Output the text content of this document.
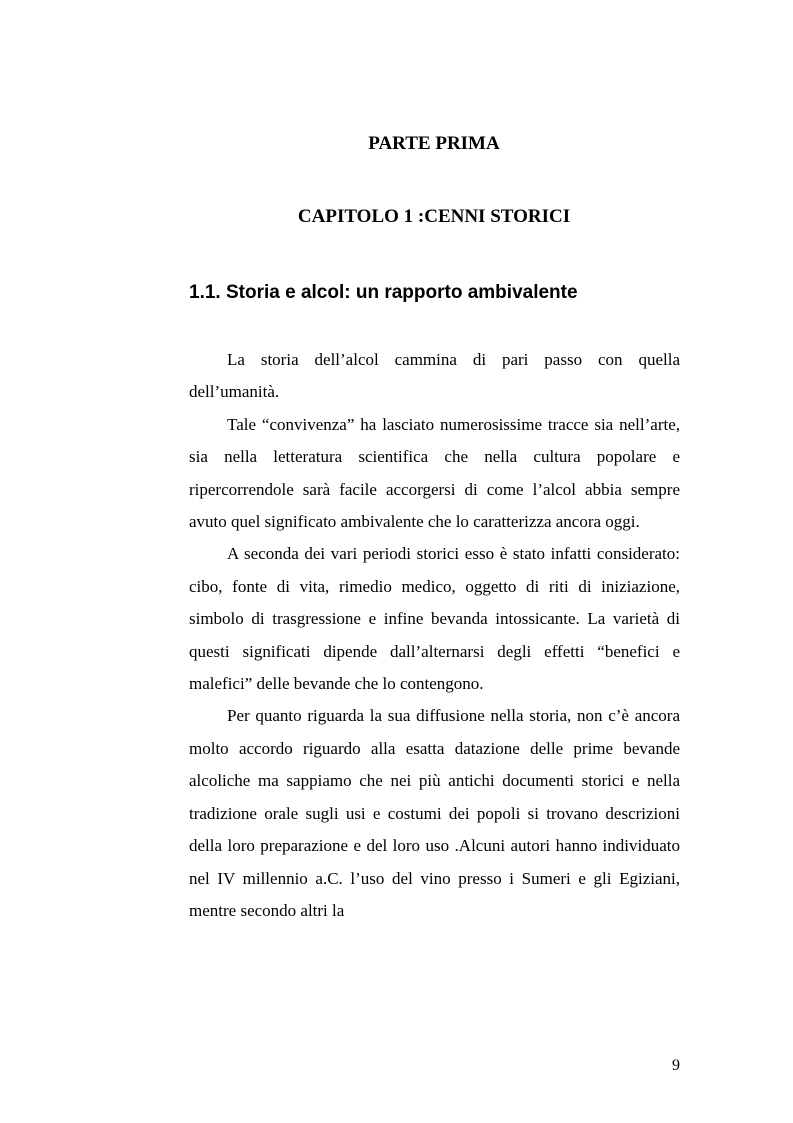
PARTE PRIMA
CAPITOLO 1 :CENNI STORICI
1.1. Storia e alcol: un rapporto ambivalente

La storia dell’alcol cammina di pari passo con quella dell’umanità.

Tale “convivenza” ha lasciato numerosissime tracce sia nell’arte, sia nella letteratura scientifica che nella cultura popolare e ripercorrendole sarà facile accorgersi di come l’alcol abbia sempre avuto quel significato ambivalente che lo caratterizza ancora oggi.

A seconda dei vari periodi storici esso è stato infatti considerato: cibo, fonte di vita, rimedio medico, oggetto di riti di iniziazione, simbolo di trasgressione e infine bevanda intossicante. La varietà di questi significati dipende dall’alternarsi degli effetti “benefici e malefici” delle bevande che lo contengono.

Per quanto riguarda la sua diffusione nella storia, non c’è ancora molto accordo riguardo alla esatta datazione delle prime bevande alcoliche ma sappiamo che nei più antichi documenti storici e nella tradizione orale sugli usi e costumi dei popoli si trovano descrizioni della loro preparazione e del loro uso .Alcuni autori hanno individuato nel IV millennio a.C. l’uso del vino presso i Sumeri e gli Egiziani, mentre secondo altri la

9
